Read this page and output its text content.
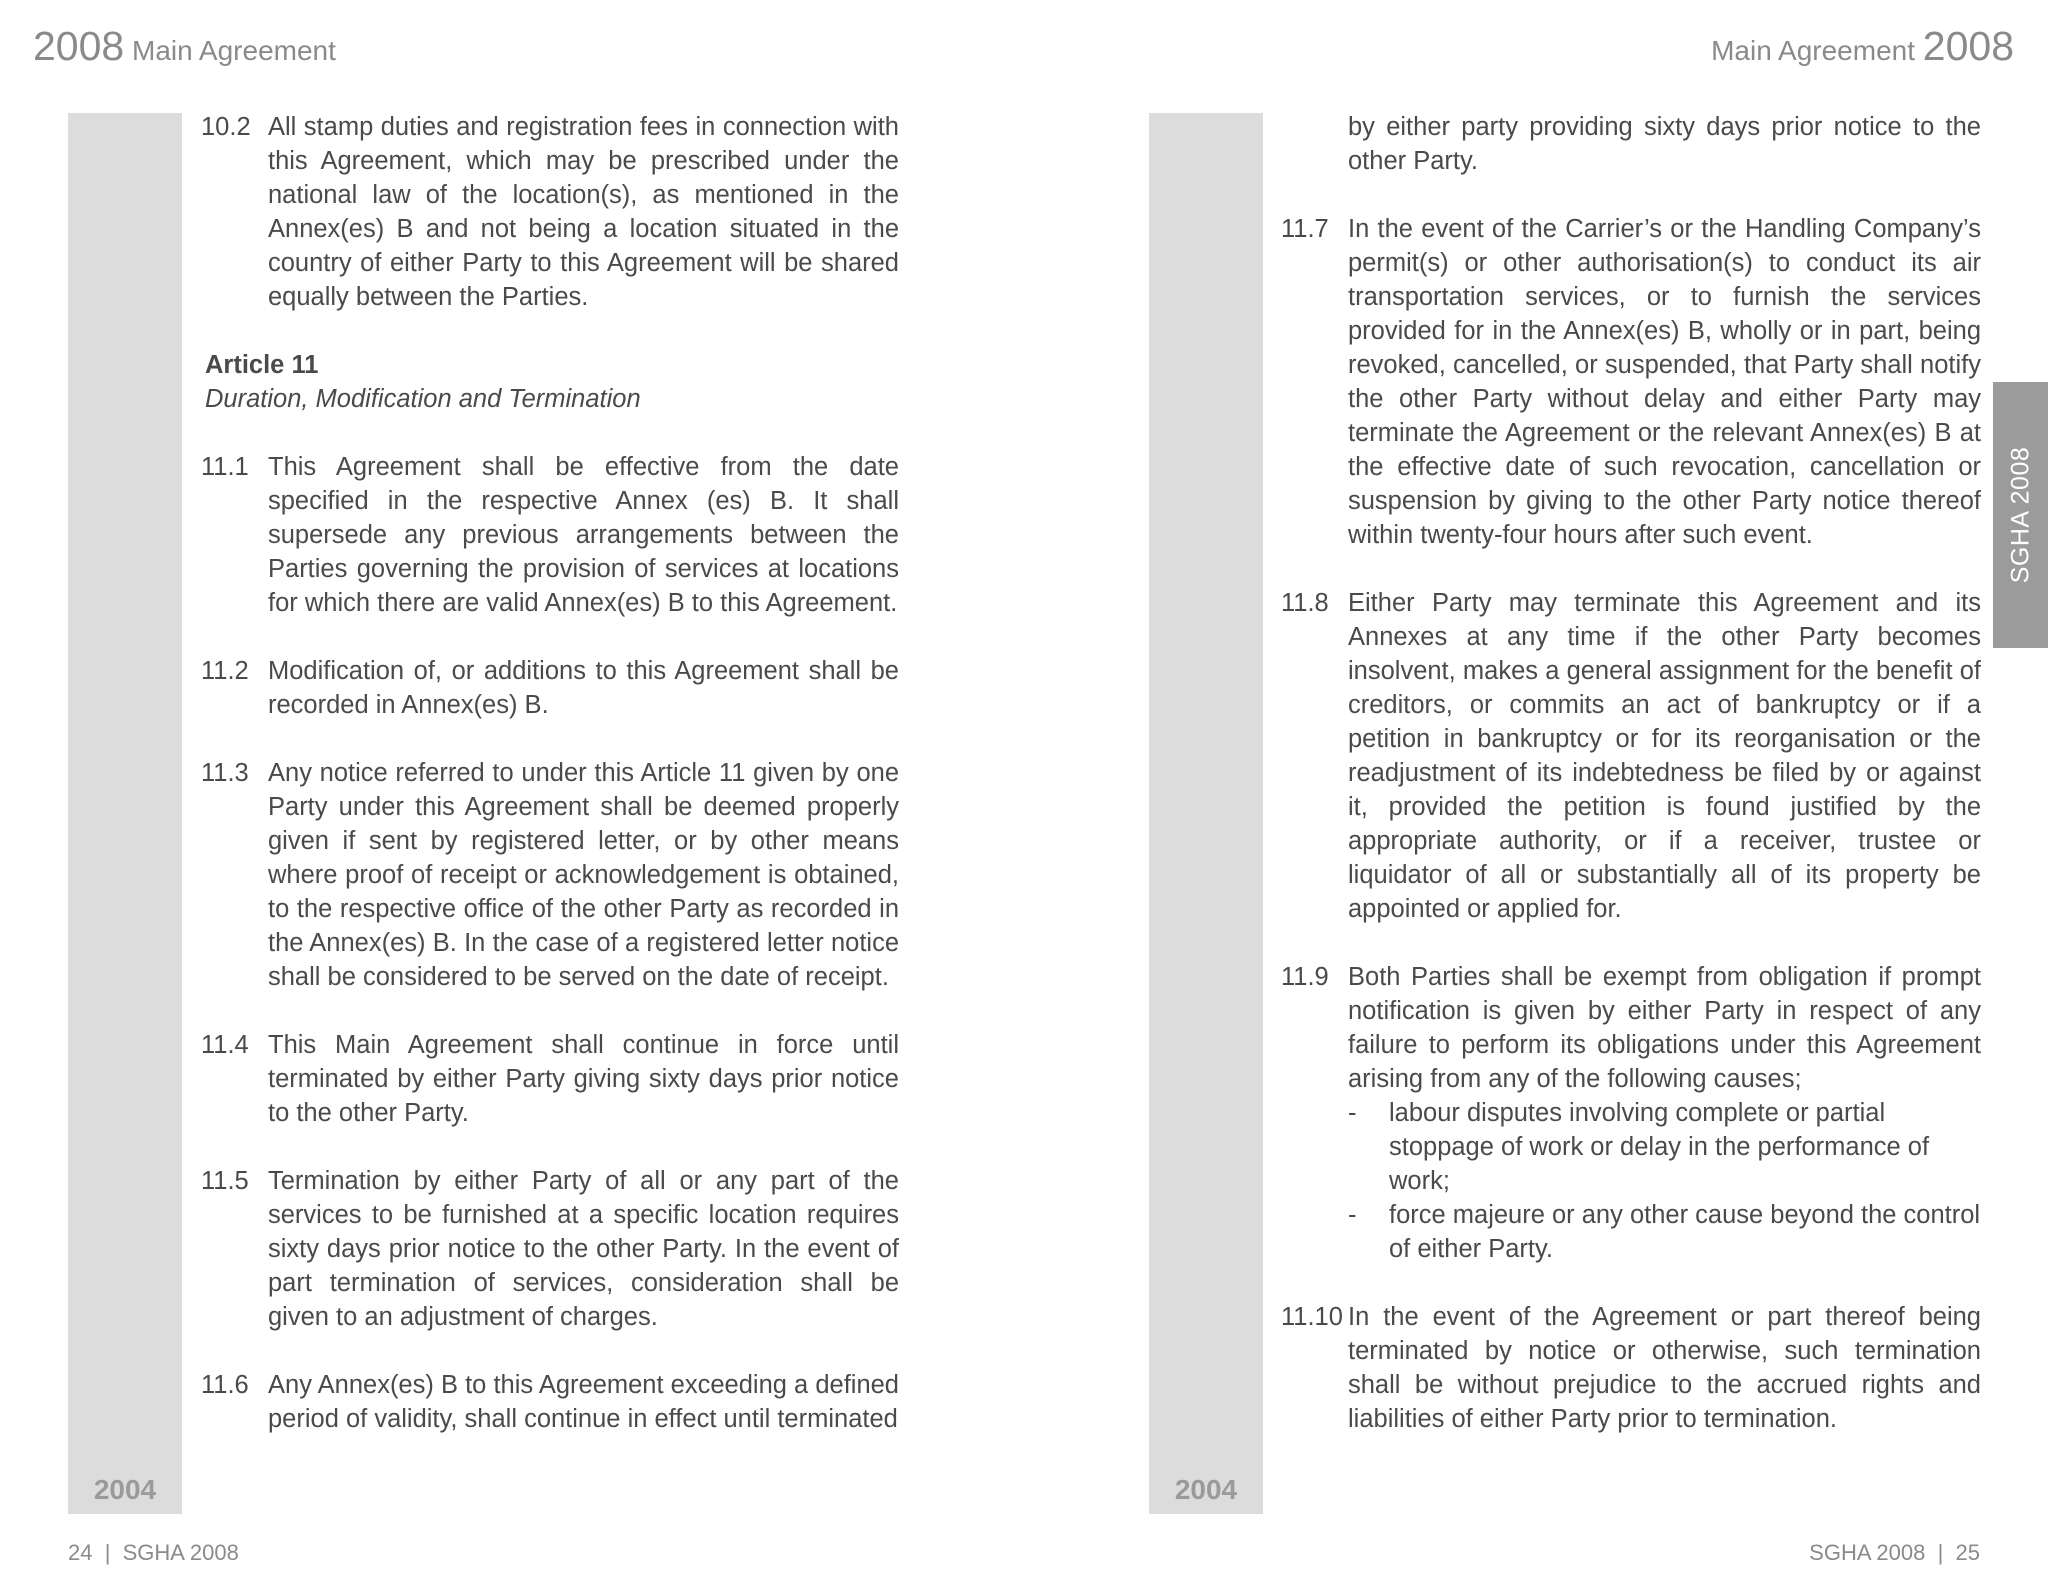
2008 Main Agreement	Main Agreement 2008
2004	2004
10.2 All stamp duties and registration fees in connection with this Agreement, which may be prescribed under the national law of the location(s), as mentioned in the Annex(es) B and not being a location situated in the country of either Party to this Agreement will be shared equally between the Parties.
Article 11
Duration, Modification and Termination
11.1 This Agreement shall be effective from the date specified in the respective Annex (es) B. It shall supersede any previous arrangements between the Parties governing the provision of services at locations for which there are valid Annex(es) B to this Agreement.
11.2 Modification of, or additions to this Agreement shall be recorded in Annex(es) B.
11.3 Any notice referred to under this Article 11 given by one Party under this Agreement shall be deemed properly given if sent by registered letter, or by other means where proof of receipt or acknowledgement is obtained, to the respective office of the other Party as recorded in the Annex(es) B. In the case of a registered letter notice shall be considered to be served on the date of receipt.
11.4 This Main Agreement shall continue in force until terminated by either Party giving sixty days prior notice to the other Party.
11.5 Termination by either Party of all or any part of the services to be furnished at a specific location requires sixty days prior notice to the other Party. In the event of part termination of services, consideration shall be given to an adjustment of charges.
11.6 Any Annex(es) B to this Agreement exceeding a defined period of validity, shall continue in effect until terminated
by either party providing sixty days prior notice to the other Party.
11.7 In the event of the Carrier’s or the Handling Company’s permit(s) or other authorisation(s) to conduct its air transportation services, or to furnish the services provided for in the Annex(es) B, wholly or in part, being revoked, cancelled, or suspended, that Party shall notify the other Party without delay and either Party may terminate the Agreement or the relevant Annex(es) B at the effective date of such revocation, cancellation or suspension by giving to the other Party notice thereof within twenty-four hours after such event.
11.8 Either Party may terminate this Agreement and its Annexes at any time if the other Party becomes insolvent, makes a general assignment for the benefit of creditors, or commits an act of bankruptcy or if a petition in bankruptcy or for its reorganisation or the readjustment of its indebtedness be filed by or against it, provided the petition is found justified by the appropriate authority, or if a receiver, trustee or liquidator of all or substantially all of its property be appointed or applied for.
11.9 Both Parties shall be exempt from obligation if prompt notification is given by either Party in respect of any failure to perform its obligations under this Agreement arising from any of the following causes;
- labour disputes involving complete or partial stoppage of work or delay in the performance of work;
- force majeure or any other cause beyond the control of either Party.
11.10 In the event of the Agreement or part thereof being terminated by notice or otherwise, such termination shall be without prejudice to the accrued rights and liabilities of either Party prior to termination.
SGHA 2008
24  |  SGHA 2008	SGHA 2008  |  25
